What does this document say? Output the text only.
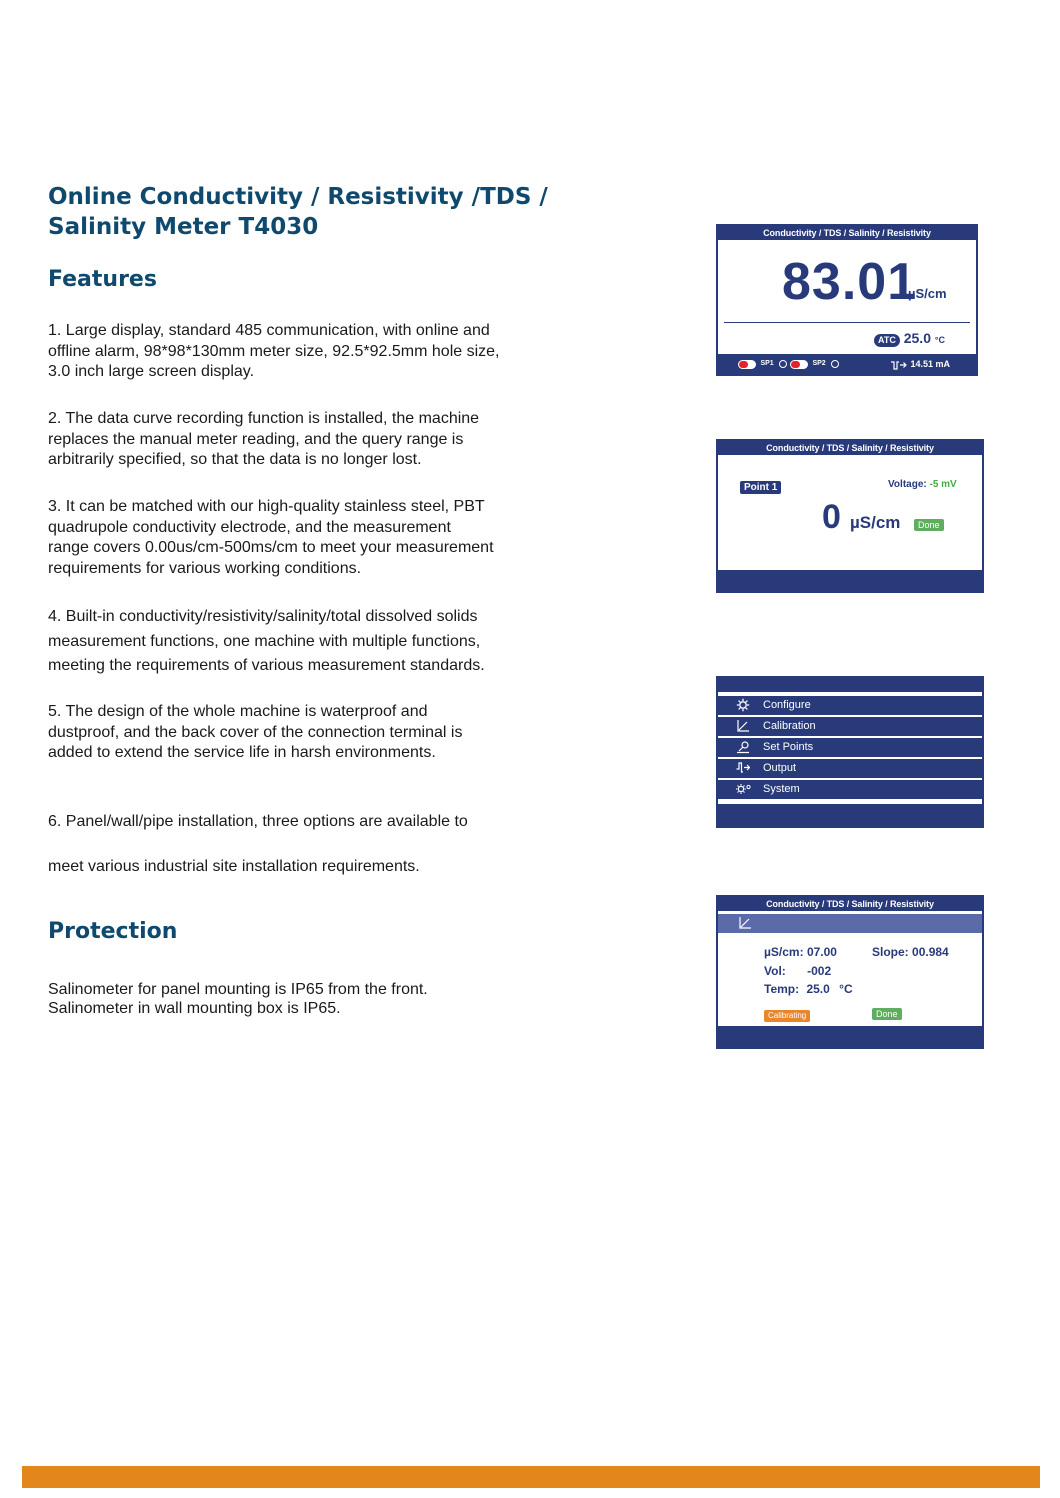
Online Conductivity / Resistivity /TDS /
Salinity Meter T4030
Features

1. Large display, standard 485 communication, with online and
offline alarm, 98*98*130mm meter size, 92.5*92.5mm hole size,
3.0 inch large screen display.

2. The data curve recording function is installed, the machine
replaces the manual meter reading, and the query range is
arbitrarily specified, so that the data is no longer lost.

3. It can be matched with our high-quality stainless steel, PBT
quadrupole conductivity electrode, and the measurement
range covers 0.00us/cm-500ms/cm to meet your measurement
requirements for various working conditions.

4. Built-in conductivity/resistivity/salinity/total dissolved solids
measurement functions, one machine with multiple functions,
meeting the requirements of various measurement standards.

5. The design of the whole machine is waterproof and
dustproof, and the back cover of the connection terminal is
added to extend the service life in harsh environments.

6. Panel/wall/pipe installation, three options are available to
meet various industrial site installation requirements.

Protection

Salinometer for panel mounting is IP65 from the front.
Salinometer in wall mounting box is IP65.

Conductivity / TDS / Salinity / Resistivity
83.01
µS/cm
ATC 25.0 °C
SP1	SP2	14.51 mA
Conductivity / TDS / Salinity / Resistivity
Point 1	Voltage: -5 mV
0 µS/cm	Done
Configure
Calibration
Set Points
Output
System
Conductivity / TDS / Salinity / Resistivity
µS/cm: 07.00	Slope: 00.984
Vol: -002
Temp: 25.0 °C
Calibrating	Done
